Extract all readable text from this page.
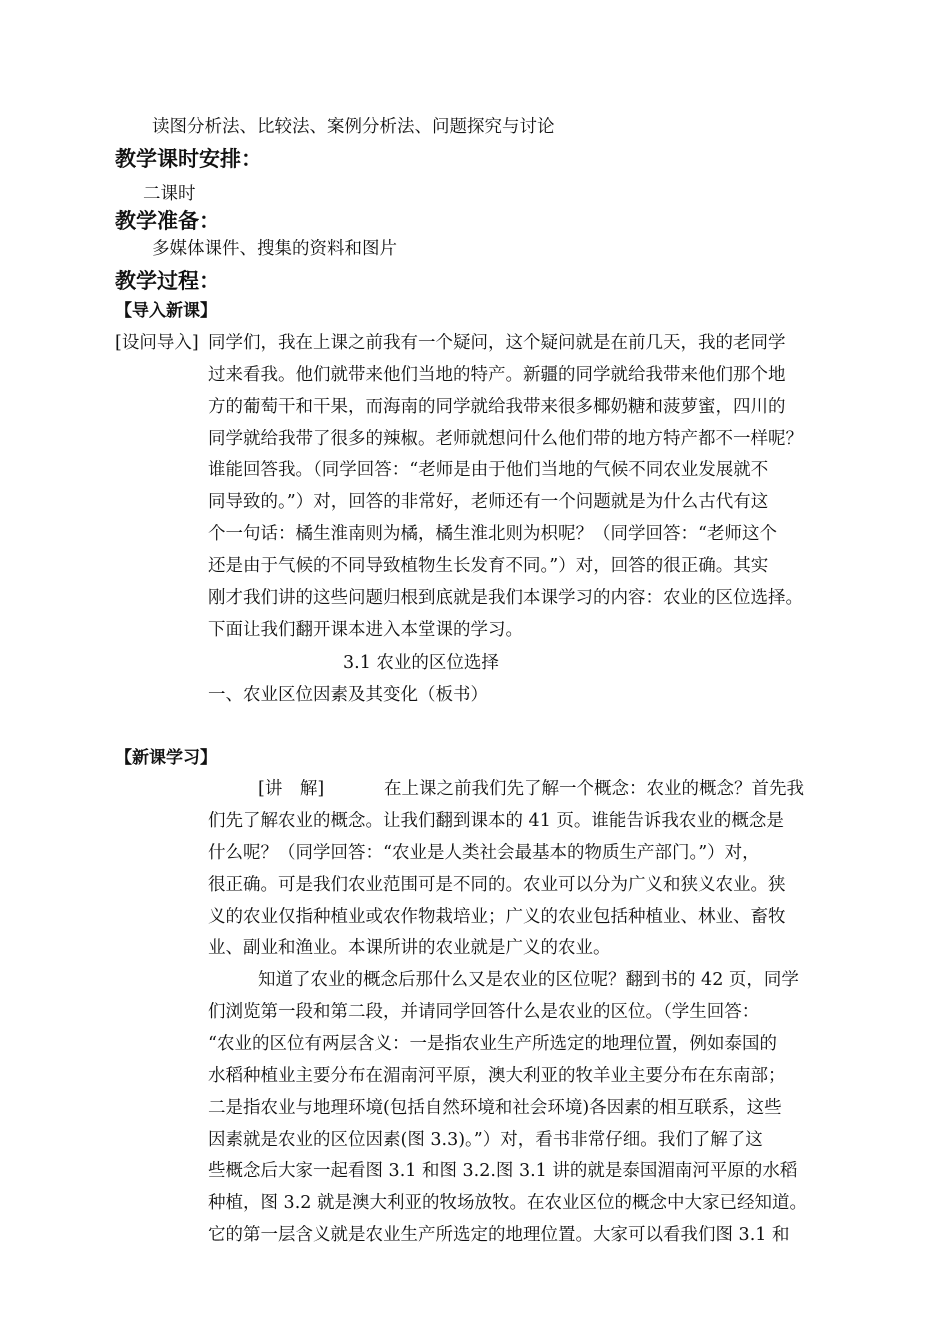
读图分析法、比较法、案例分析法、问题探究与讨论
教学课时安排：
二课时
教学准备：
多媒体课件、搜集的资料和图片
教学过程：
【导入新课】
[设问导入] 同学们，我在上课之前我有一个疑问，这个疑问就是在前几天，我的老同学
过来看我。他们就带来他们当地的特产。新疆的同学就给我带来他们那个地
方的葡萄干和干果，而海南的同学就给我带来很多椰奶糖和菠萝蜜，四川的
同学就给我带了很多的辣椒。老师就想问什么他们带的地方特产都不一样呢？
谁能回答我。（同学回答：“老师是由于他们当地的气候不同农业发展就不
同导致的。”）对，回答的非常好，老师还有一个问题就是为什么古代有这
个一句话：橘生淮南则为橘，橘生淮北则为枳呢？（同学回答：“老师这个
还是由于气候的不同导致植物生长发育不同。”）对，回答的很正确。其实
刚才我们讲的这些问题归根到底就是我们本课学习的内容：农业的区位选择。
下面让我们翻开课本进入本堂课的学习。
3.1 农业的区位选择
一、农业区位因素及其变化（板书）
【新课学习】
[讲　解]	在上课之前我们先了解一个概念：农业的概念？首先我
们先了解农业的概念。让我们翻到课本的 41 页。谁能告诉我农业的概念是
什么呢？（同学回答：“农业是人类社会最基本的物质生产部门。”）对，
很正确。可是我们农业范围可是不同的。农业可以分为广义和狭义农业。狭
义的农业仅指种植业或农作物栽培业；广义的农业包括种植业、林业、畜牧
业、副业和渔业。本课所讲的农业就是广义的农业。
知道了农业的概念后那什么又是农业的区位呢？翻到书的 42 页，同学
们浏览第一段和第二段，并请同学回答什么是农业的区位。（学生回答：
“农业的区位有两层含义：一是指农业生产所选定的地理位置，例如泰国的
水稻种植业主要分布在湄南河平原，澳大利亚的牧羊业主要分布在东南部；
二是指农业与地理环境(包括自然环境和社会环境)各因素的相互联系，这些
因素就是农业的区位因素(图 3.3)。”）对，看书非常仔细。我们了解了这
些概念后大家一起看图 3.1 和图 3.2.图 3.1 讲的就是泰国湄南河平原的水稻
种植，图 3.2 就是澳大利亚的牧场放牧。在农业区位的概念中大家已经知道。
它的第一层含义就是农业生产所选定的地理位置。大家可以看我们图 3.1 和
